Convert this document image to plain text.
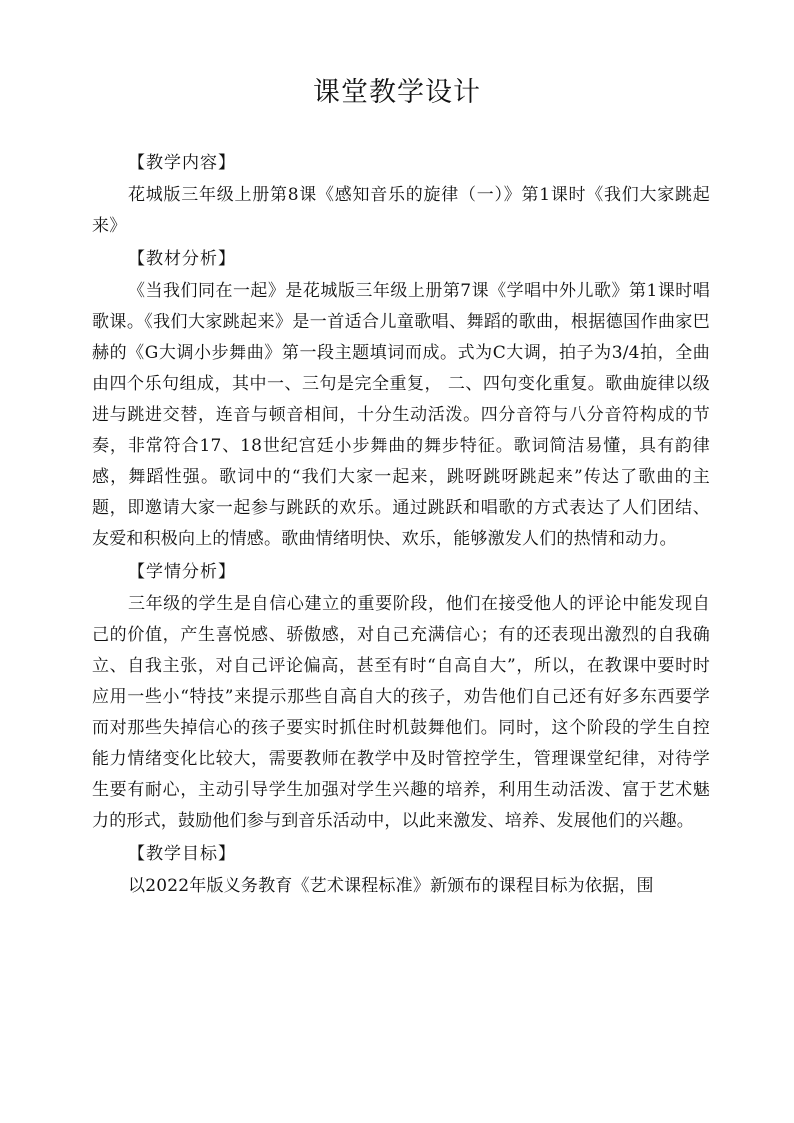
课堂教学设计
【教学内容】

花城版三年级上册第8课《感知音乐的旋律（一）》第1课时《我们大家跳起来》

【教材分析】

《当我们同在一起》是花城版三年级上册第7课《学唱中外儿歌》第1课时唱歌课。《我们大家跳起来》是一首适合儿童歌唱、舞蹈的歌曲，根据德国作曲家巴赫的《G大调小步舞曲》第一段主题填词而成。式为C大调，拍子为3/4拍，全曲由四个乐句组成，其中一、三句是完全重复， 二、四句变化重复。歌曲旋律以级进与跳进交替，连音与顿音相间，十分生动活泼。四分音符与八分音符构成的节奏，非常符合17、18世纪宫廷小步舞曲的舞步特征。歌词简洁易懂，具有韵律感，舞蹈性强。歌词中的“我们大家一起来，跳呀跳呀跳起来”传达了歌曲的主题，即邀请大家一起参与跳跃的欢乐。通过跳跃和唱歌的方式表达了人们团结、友爱和积极向上的情感。歌曲情绪明快、欢乐，能够激发人们的热情和动力。

【学情分析】

三年级的学生是自信心建立的重要阶段，他们在接受他人的评论中能发现自己的价值，产生喜悦感、骄傲感，对自己充满信心；有的还表现出激烈的自我确立、自我主张，对自己评论偏高，甚至有时“自高自大”，所以，在教课中要时时应用一些小“特技”来提示那些自高自大的孩子，劝告他们自己还有好多东西要学而对那些失掉信心的孩子要实时抓住时机鼓舞他们。同时，这个阶段的学生自控能力情绪变化比较大，需要教师在教学中及时管控学生，管理课堂纪律，对待学生要有耐心，主动引导学生加强对学生兴趣的培养，利用生动活泼、富于艺术魅力的形式，鼓励他们参与到音乐活动中，以此来激发、培养、发展他们的兴趣。

【教学目标】

以2022年版义务教育《艺术课程标准》新颁布的课程目标为依据，围
